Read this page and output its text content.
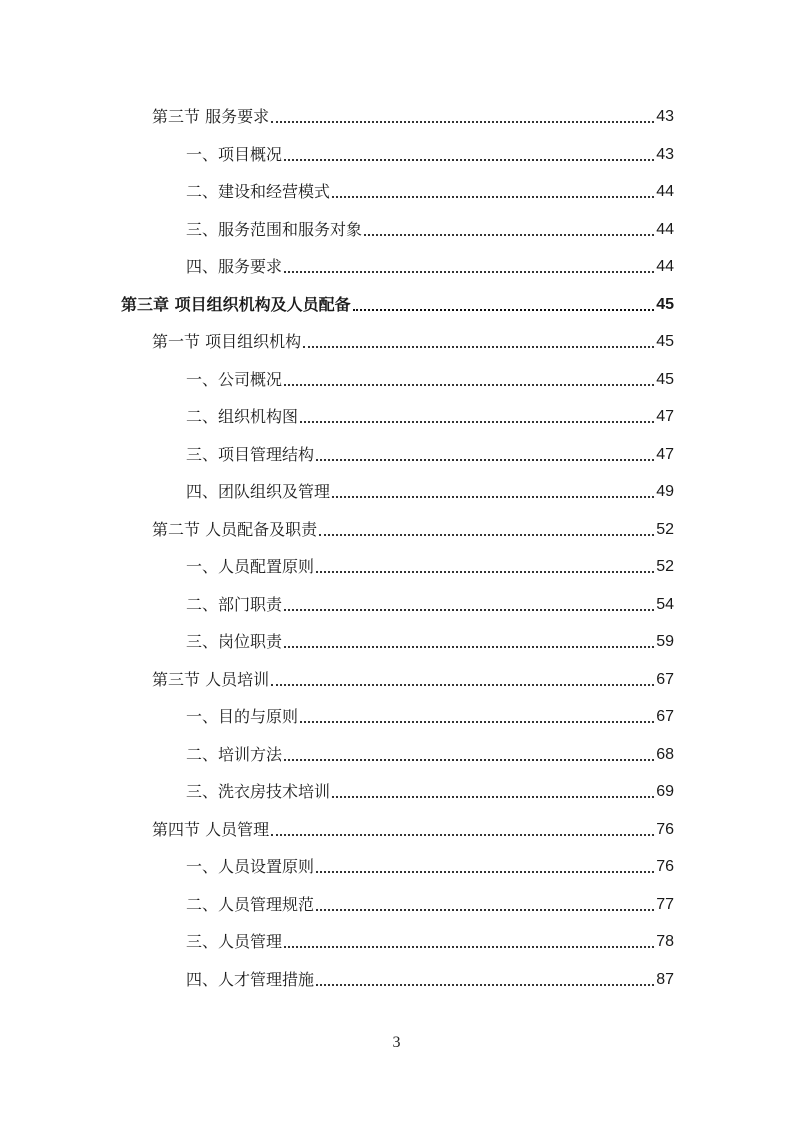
第三节 服务要求	43
一、项目概况	43
二、建设和经营模式	44
三、服务范围和服务对象	44
四、服务要求	44
第三章 项目组织机构及人员配备	45
第一节 项目组织机构	45
一、公司概况	45
二、组织机构图	47
三、项目管理结构	47
四、团队组织及管理	49
第二节 人员配备及职责	52
一、人员配置原则	52
二、部门职责	54
三、岗位职责	59
第三节 人员培训	67
一、目的与原则	67
二、培训方法	68
三、洗衣房技术培训	69
第四节 人员管理	76
一、人员设置原则	76
二、人员管理规范	77
三、人员管理	78
四、人才管理措施	87
3
